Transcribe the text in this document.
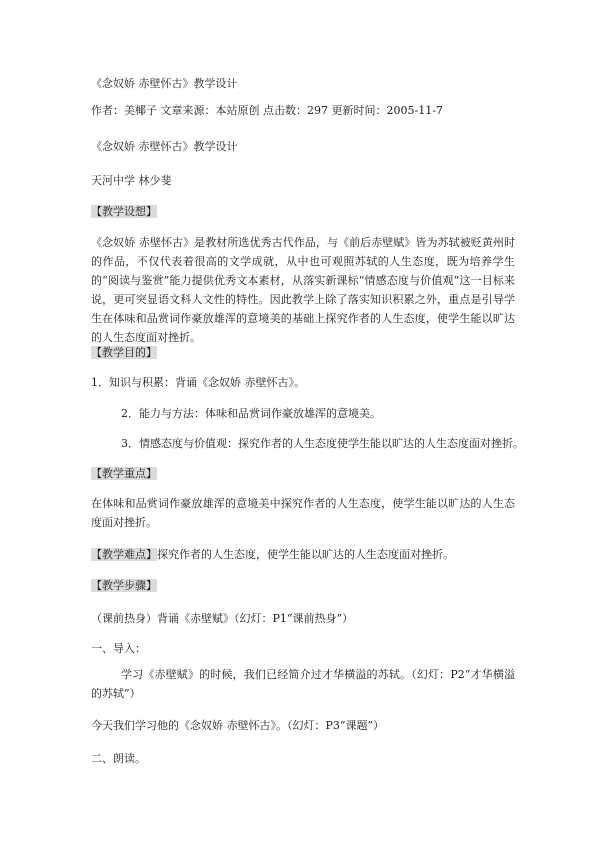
《念奴娇 赤壁怀古》教学设计
作者：美椰子 文章来源：本站原创 点击数：297 更新时间：2005-11-7
《念奴娇 赤壁怀古》教学设计
天河中学 林少斐
【教学设想】
《念奴娇 赤壁怀古》是教材所选优秀古代作品，与《前后赤壁赋》皆为苏轼被贬黄州时的作品，不仅代表着很高的文学成就，从中也可观照苏轼的人生态度，既为培养学生的“阅读与鉴赏”能力提供优秀文本素材，从落实新课标“情感态度与价值观”这一目标来说，更可突显语文科人文性的特性。因此教学上除了落实知识积累之外，重点是引导学生在体味和品赏词作豪放雄浑的意境美的基础上探究作者的人生态度，使学生能以旷达的人生态度面对挫折。
【教学目的】
1．知识与积累：背诵《念奴娇 赤壁怀古》。
2．能力与方法：体味和品赏词作豪放雄浑的意境美。
3．情感态度与价值观：探究作者的人生态度使学生能以旷达的人生态度面对挫折。
【教学重点】
在体味和品赏词作豪放雄浑的意境美中探究作者的人生态度，使学生能以旷达的人生态度面对挫折。
【教学难点】探究作者的人生态度，使学生能以旷达的人生态度面对挫折。
【教学步骤】
（课前热身）背诵《赤壁赋》（幻灯：P1“课前热身”）
一、导入：
学习《赤壁赋》的时候，我们已经简介过才华横溢的苏轼。（幻灯：P2“才华横溢的苏轼”）
今天我们学习他的《念奴娇 赤壁怀古》。（幻灯：P3“课题”）
二、朗读。
